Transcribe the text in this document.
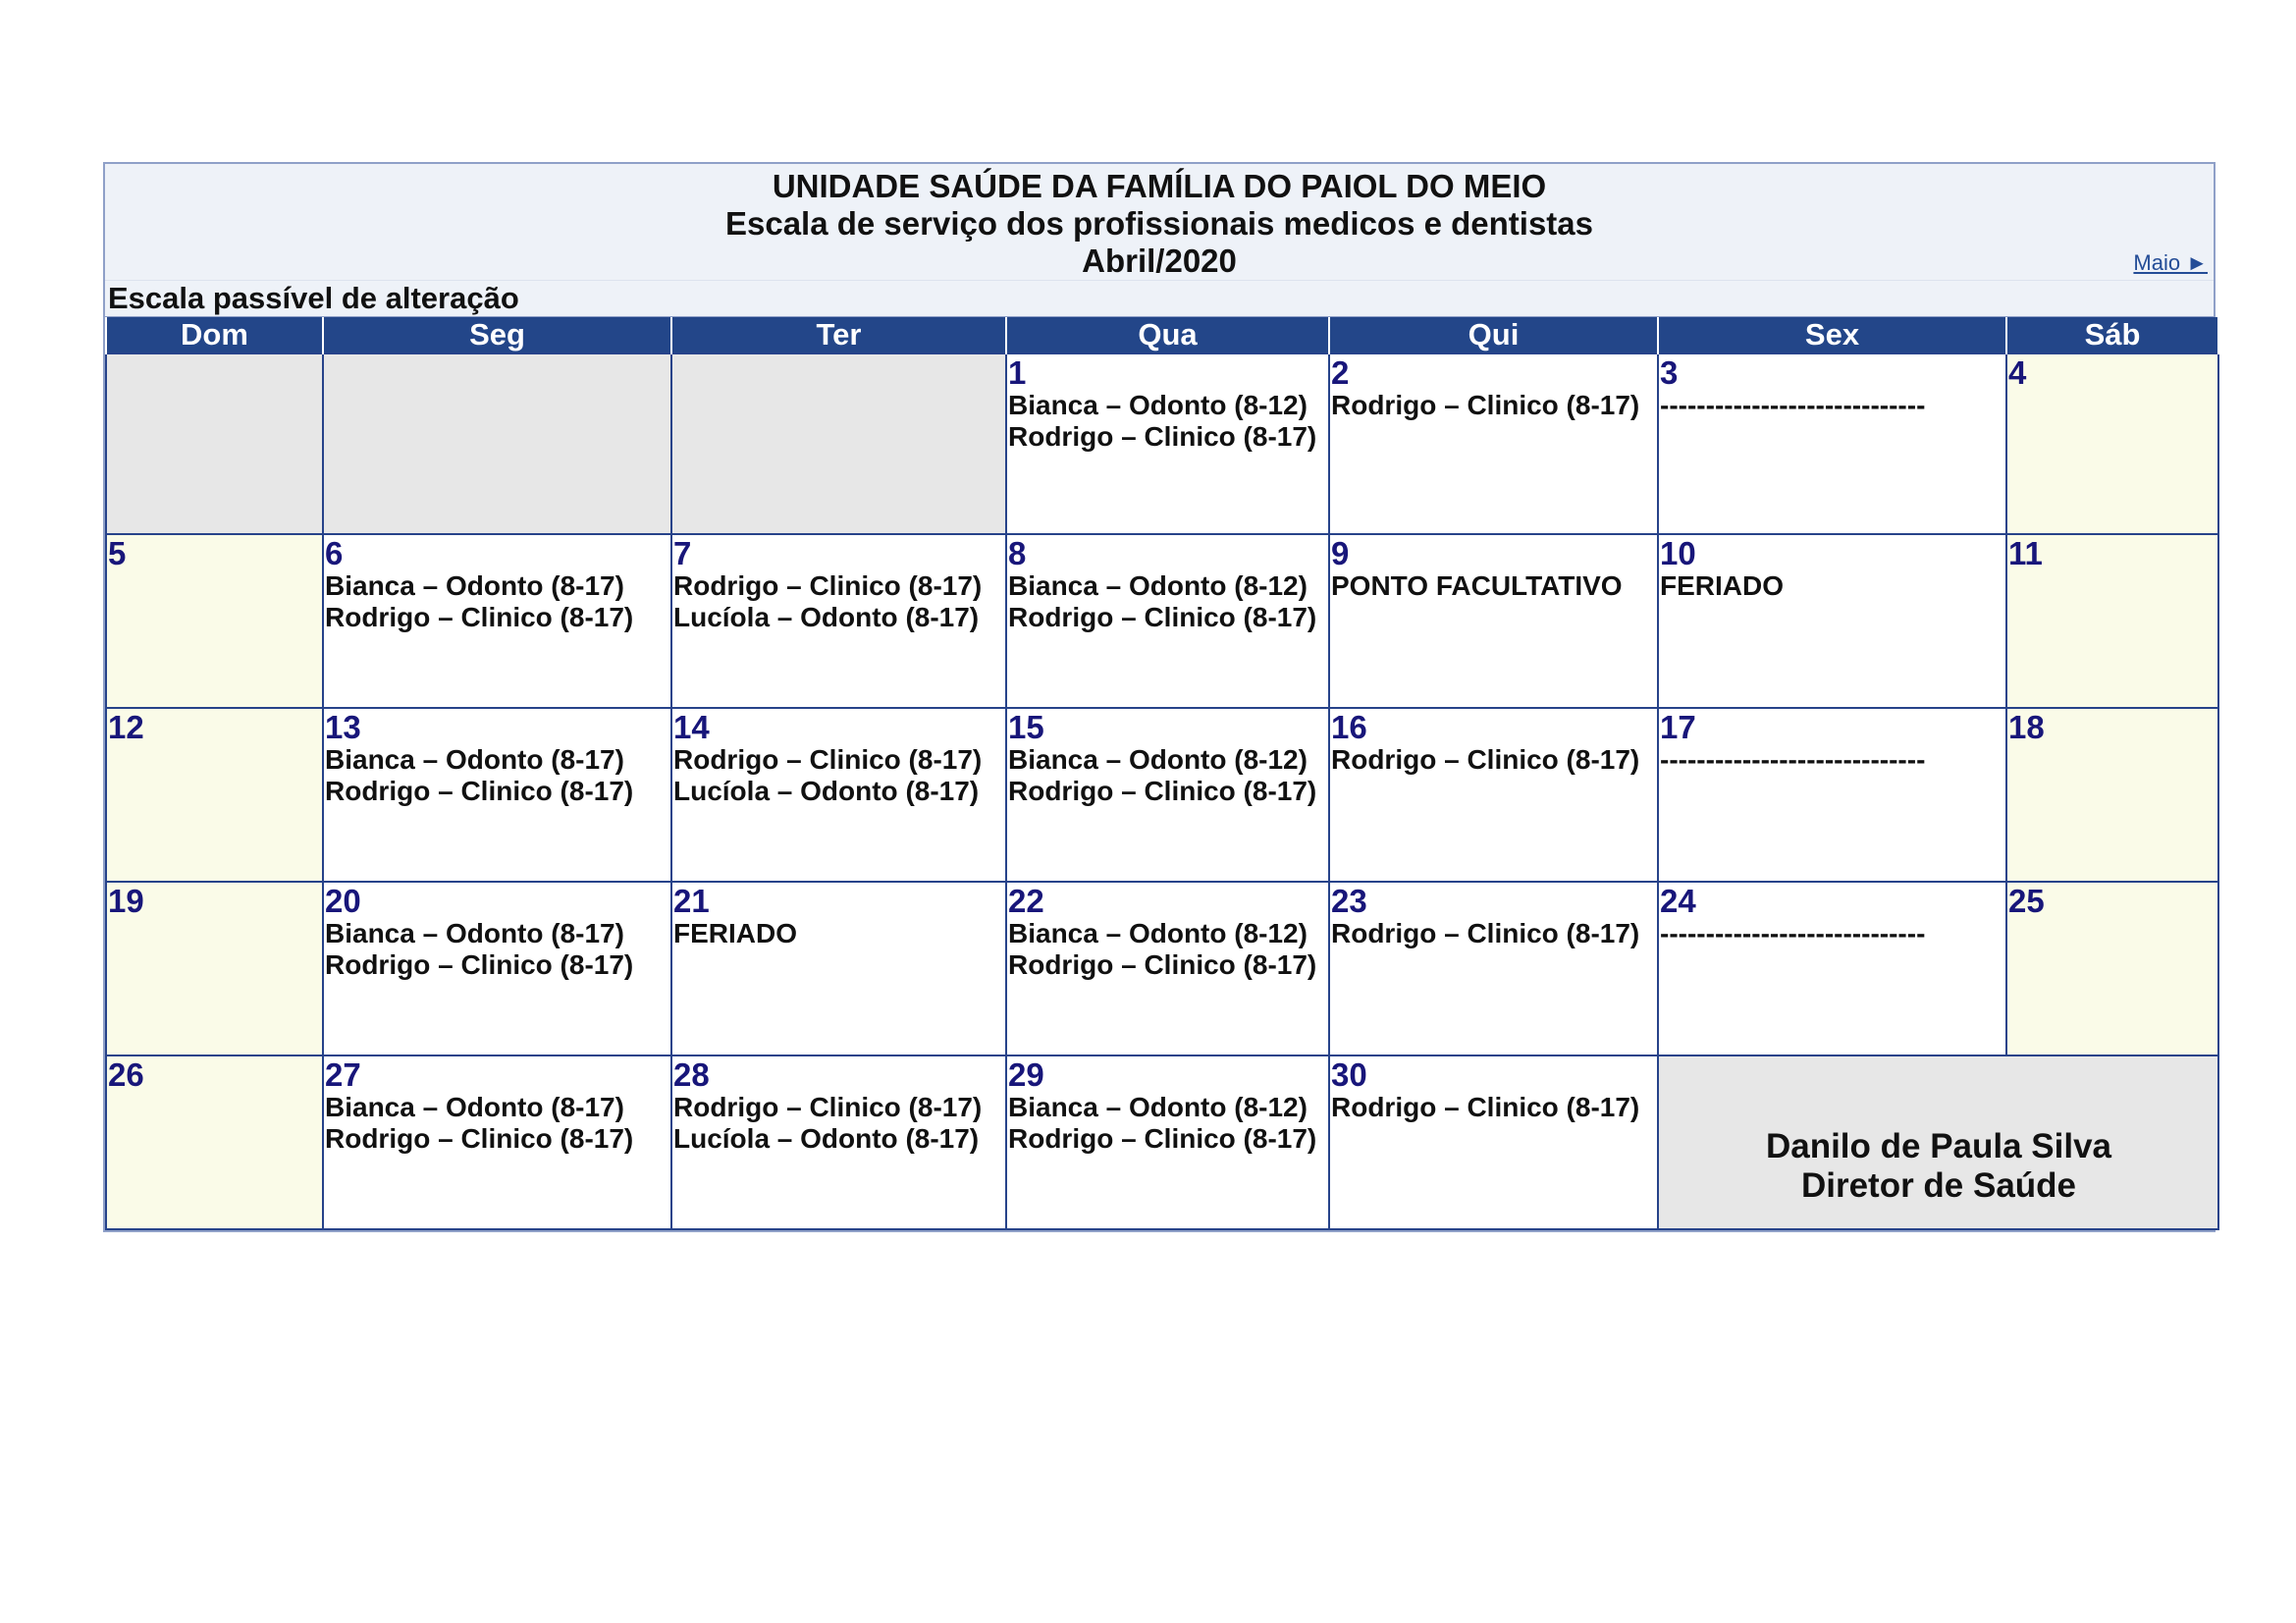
UNIDADE SAÚDE DA FAMÍLIA DO PAIOL DO MEIO

Escala de serviço dos profissionais medicos e dentistas

Abril/2020	Maio ►
Escala passível de alteração
Dom	Seg	Ter	Qua	Qui	Sex	Sáb

			1
Bianca – Odonto (8-12)
Rodrigo – Clinico (8-17)	2
Rodrigo – Clinico (8-17)	3
-----------------------------	4

5	6
Bianca – Odonto (8-17)
Rodrigo – Clinico (8-17)	7
Rodrigo – Clinico (8-17)
Lucíola – Odonto (8-17)	8
Bianca – Odonto (8-12)
Rodrigo – Clinico (8-17)	9
PONTO FACULTATIVO	10
FERIADO	11

12	13
Bianca – Odonto (8-17)
Rodrigo – Clinico (8-17)	14
Rodrigo – Clinico (8-17)
Lucíola – Odonto (8-17)	15
Bianca – Odonto (8-12)
Rodrigo – Clinico (8-17)	16
Rodrigo – Clinico (8-17)	17
-----------------------------	18

19	20
Bianca – Odonto (8-17)
Rodrigo – Clinico (8-17)	21
FERIADO	22
Bianca – Odonto (8-12)
Rodrigo – Clinico (8-17)	23
Rodrigo – Clinico (8-17)	24
-----------------------------	25

26	27
Bianca – Odonto (8-17)
Rodrigo – Clinico (8-17)	28
Rodrigo – Clinico (8-17)
Lucíola – Odonto (8-17)	29
Bianca – Odonto (8-12)
Rodrigo – Clinico (8-17)	30
Rodrigo – Clinico (8-17)	Danilo de Paula Silva
Diretor de Saúde	
